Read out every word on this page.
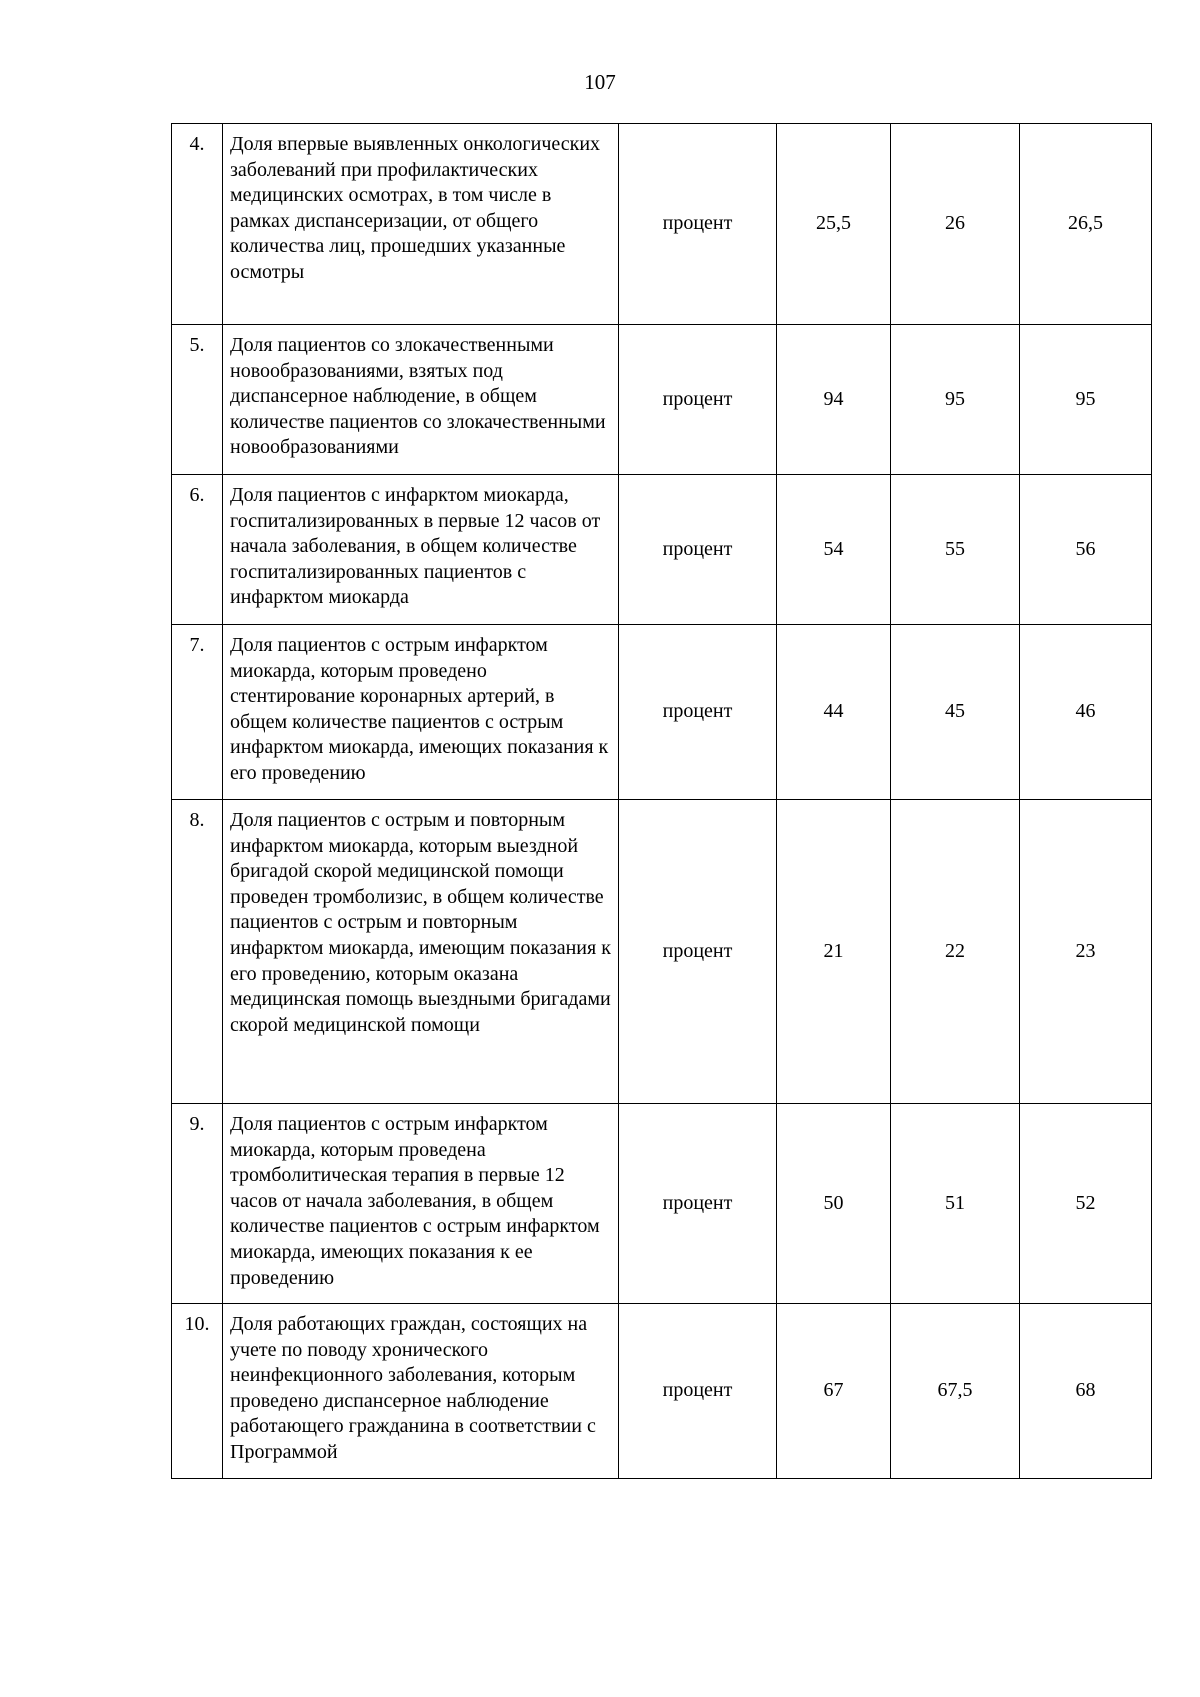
107
4.	Доля впервые выявленных онкологических заболеваний при профилактических медицинских осмотрах, в том числе в рамках диспансеризации, от общего количества лиц, прошедших указанные осмотры	процент	25,5	26	26,5
5.	Доля пациентов со злокачественными новообразованиями, взятых под диспансерное наблюдение, в общем количестве пациентов со злокачественными новообразованиями	процент	94	95	95
6.	Доля пациентов с инфарктом миокарда, госпитализированных в первые 12 часов от начала заболевания, в общем количестве госпитализированных пациентов с инфарктом миокарда	процент	54	55	56
7.	Доля пациентов с острым инфарктом миокарда, которым проведено стентирование коронарных артерий, в общем количестве пациентов с острым инфарктом миокарда, имеющих показания к его проведению	процент	44	45	46
8.	Доля пациентов с острым и повторным инфарктом миокарда, которым выездной бригадой скорой медицинской помощи проведен тромболизис, в общем количестве пациентов с острым и повторным инфарктом миокарда, имеющим показания к его проведению, которым оказана медицинская помощь выездными бригадами скорой медицинской помощи	процент	21	22	23
9.	Доля пациентов с острым инфарктом миокарда, которым проведена тромболитическая терапия в первые 12 часов от начала заболевания, в общем количестве пациентов с острым инфарктом миокарда, имеющих показания к ее проведению	процент	50	51	52
10.	Доля работающих граждан, состоящих на учете по поводу хронического неинфекционного заболевания, которым проведено диспансерное наблюдение работающего гражданина в соответствии с Программой	процент	67	67,5	68
